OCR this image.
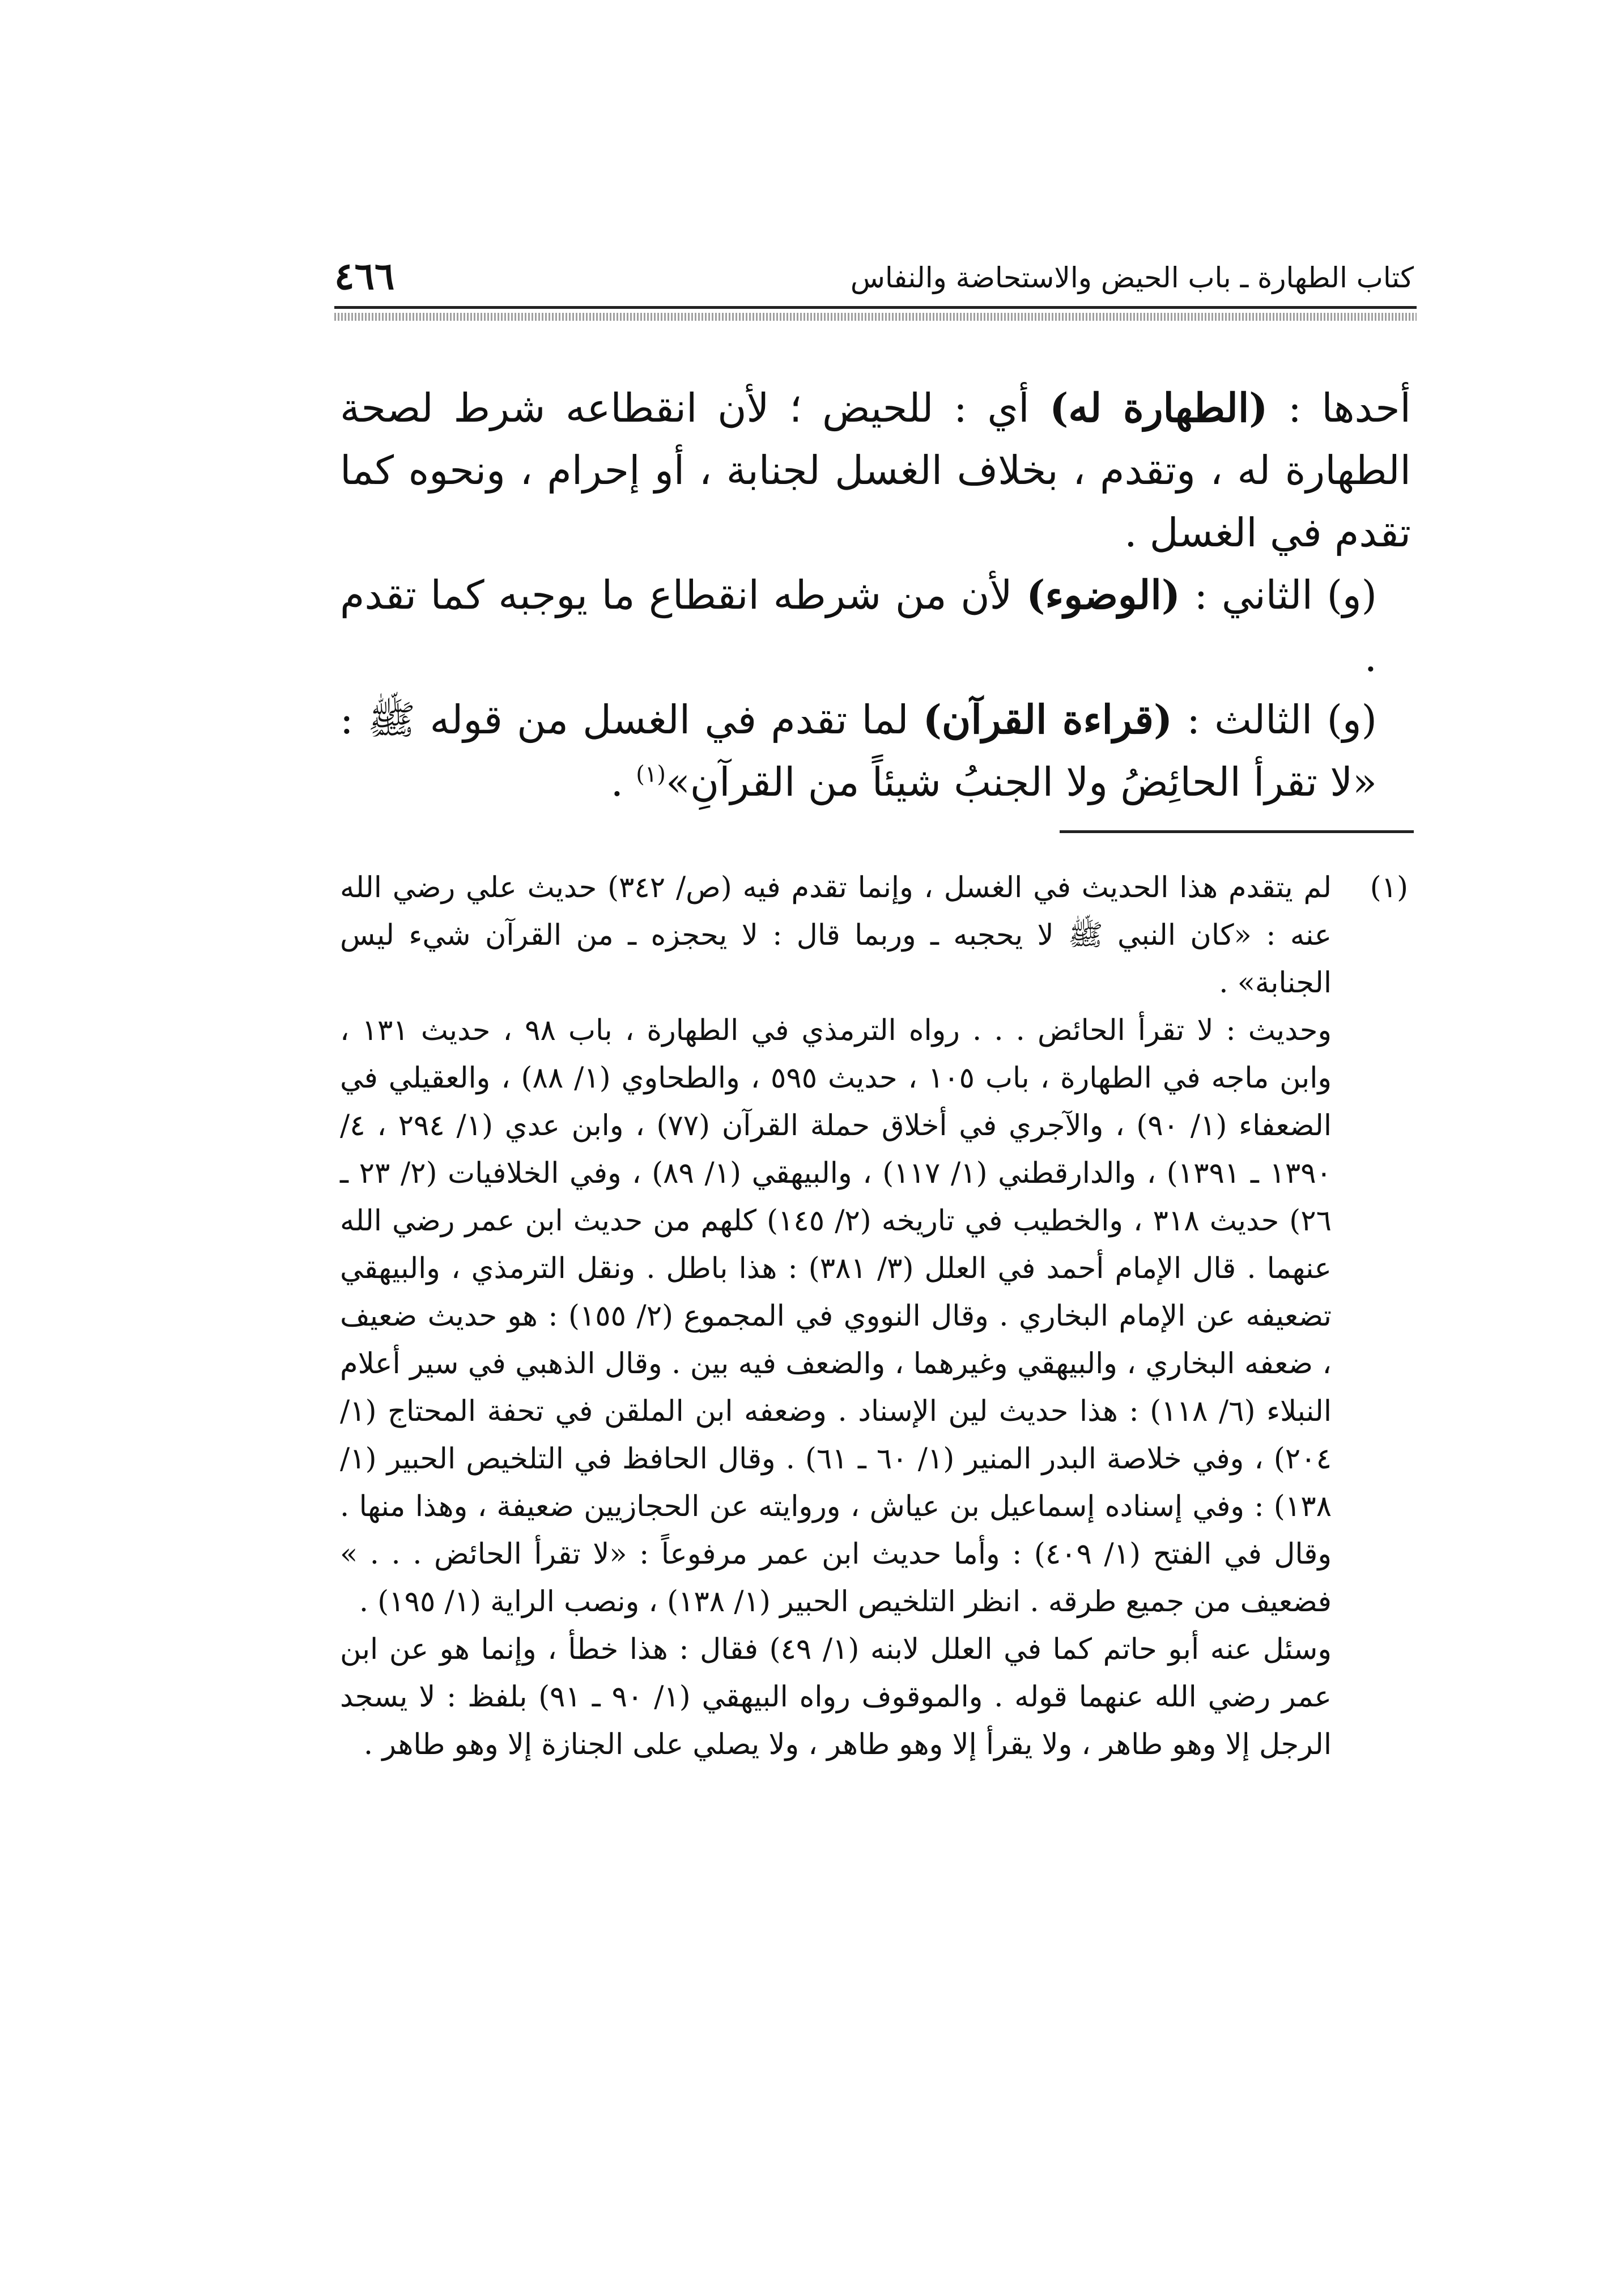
كتاب الطهارة ـ باب الحيض والاستحاضة والنفاس
٤٦٦

أحدها : (الطهارة له) أي : للحيض ؛ لأن انقطاعه شرط لصحة الطهارة له ، وتقدم ، بخلاف الغسل لجنابة ، أو إحرام ، ونحوه كما تقدم في الغسل .

(و) الثاني : (الوضوء) لأن من شرطه انقطاع ما يوجبه كما تقدم .

(و) الثالث : (قراءة القرآن) لما تقدم في الغسل من قوله ﷺ : «لا تقرأ الحائِضُ ولا الجنبُ شيئاً من القرآنِ»$^{(١)}$ .

(١)

لم يتقدم هذا الحديث في الغسل ، وإنما تقدم فيه (ص/ ٣٤٢) حديث علي رضي الله عنه : «كان النبي ﷺ لا يحجبه ـ وربما قال : لا يحجزه ـ من القرآن شيء ليس الجنابة» .

وحديث : لا تقرأ الحائض . . . رواه الترمذي في الطهارة ، باب ٩٨ ، حديث ١٣١ ، وابن ماجه في الطهارة ، باب ١٠٥ ، حديث ٥٩٥ ، والطحاوي (١/ ٨٨) ، والعقيلي في الضعفاء (١/ ٩٠) ، والآجري في أخلاق حملة القرآن (٧٧) ، وابن عدي (١/ ٢٩٤ ، ٤/ ١٣٩٠ ـ ١٣٩١) ، والدارقطني (١/ ١١٧) ، والبيهقي (١/ ٨٩) ، وفي الخلافيات (٢/ ٢٣ ـ ٢٦) حديث ٣١٨ ، والخطيب في تاريخه (٢/ ١٤٥) كلهم من حديث ابن عمر رضي الله عنهما . قال الإمام أحمد في العلل (٣/ ٣٨١) : هذا باطل . ونقل الترمذي ، والبيهقي تضعيفه عن الإمام البخاري . وقال النووي في المجموع (٢/ ١٥٥) : هو حديث ضعيف ، ضعفه البخاري ، والبيهقي وغيرهما ، والضعف فيه بين . وقال الذهبي في سير أعلام النبلاء (٦/ ١١٨) : هذا حديث لين الإسناد . وضعفه ابن الملقن في تحفة المحتاج (١/ ٢٠٤) ، وفي خلاصة البدر المنير (١/ ٦٠ ـ ٦١) . وقال الحافظ في التلخيص الحبير (١/ ١٣٨) : وفي إسناده إسماعيل بن عياش ، وروايته عن الحجازيين ضعيفة ، وهذا منها . وقال في الفتح (١/ ٤٠٩) : وأما حديث ابن عمر مرفوعاً : «لا تقرأ الحائض . . . » فضعيف من جميع طرقه . انظر التلخيص الحبير (١/ ١٣٨) ، ونصب الراية (١/ ١٩٥) .

وسئل عنه أبو حاتم كما في العلل لابنه (١/ ٤٩) فقال : هذا خطأ ، وإنما هو عن ابن عمر رضي الله عنهما قوله . والموقوف رواه البيهقي (١/ ٩٠ ـ ٩١) بلفظ : لا يسجد الرجل إلا وهو طاهر ، ولا يقرأ إلا وهو طاهر ، ولا يصلي على الجنازة إلا وهو طاهر .
